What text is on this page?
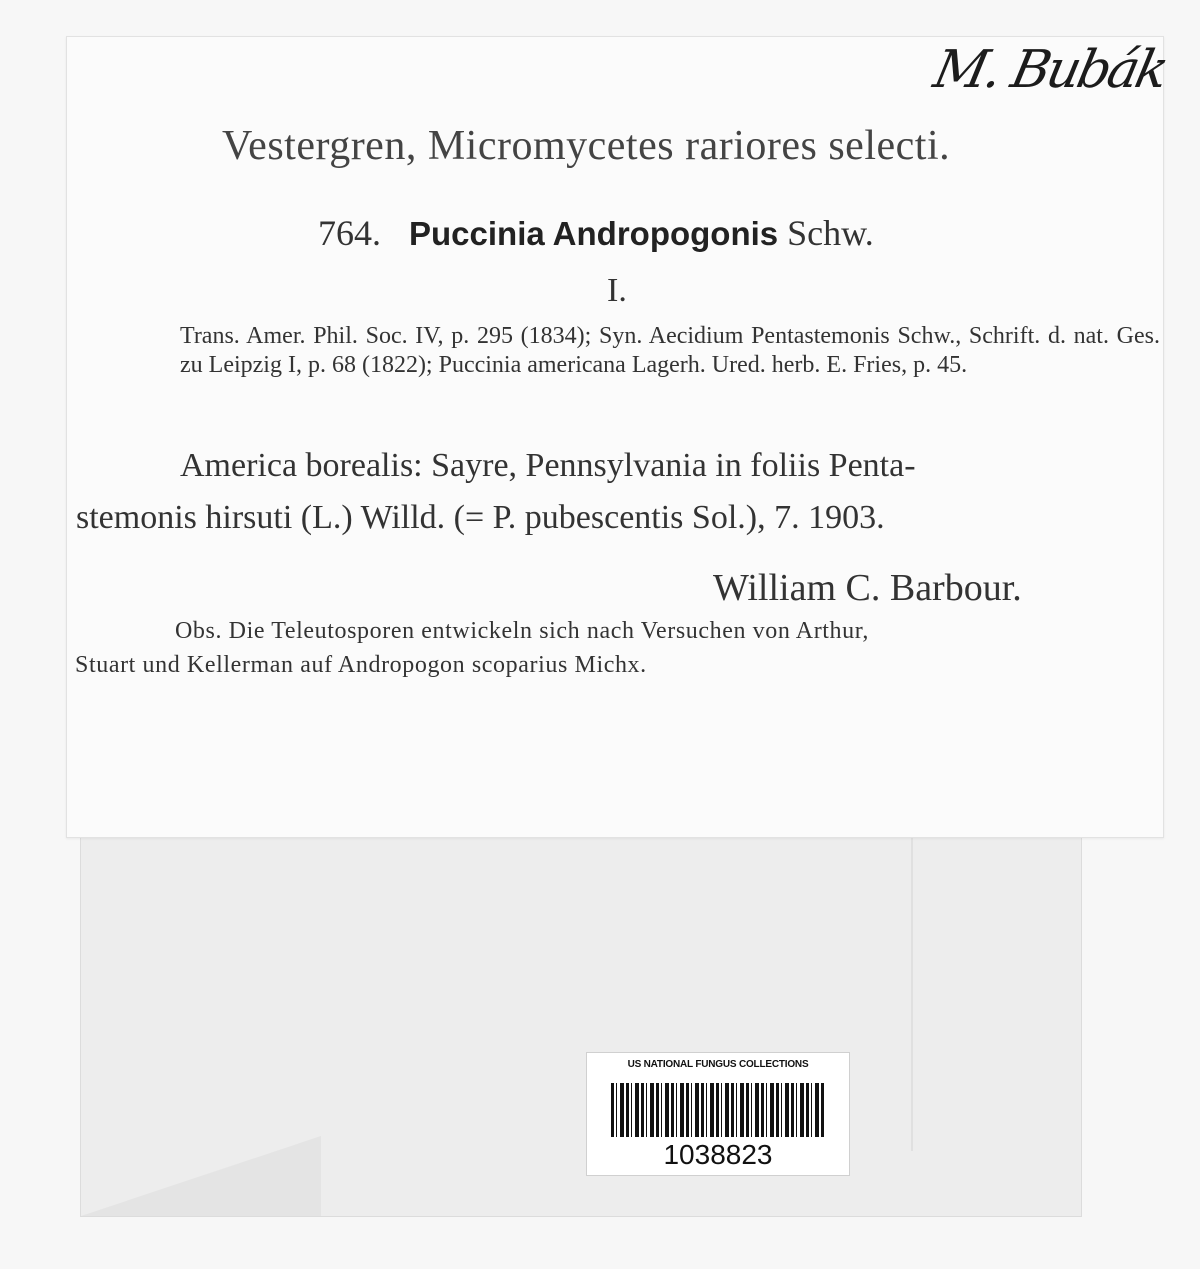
M. Bubák
Vestergren, Micromycetes rariores selecti.
764. Puccinia Andropogonis Schw.
I.
Trans. Amer. Phil. Soc. IV, p. 295 (1834); Syn. Aecidium Pentastemonis Schw., Schrift. d. nat. Ges. zu Leipzig I, p. 68 (1822); Puccinia americana Lagerh. Ured. herb. E. Fries, p. 45.
America borealis: Sayre, Pennsylvania in foliis Penta-
stemonis hirsuti (L.) Willd. (= P. pubescentis Sol.), 7. 1903.
William C. Barbour.
Obs. Die Teleutosporen entwickeln sich nach Versuchen von Arthur,
Stuart und Kellerman auf Andropogon scoparius Michx.
US NATIONAL FUNGUS COLLECTIONS
1038823
